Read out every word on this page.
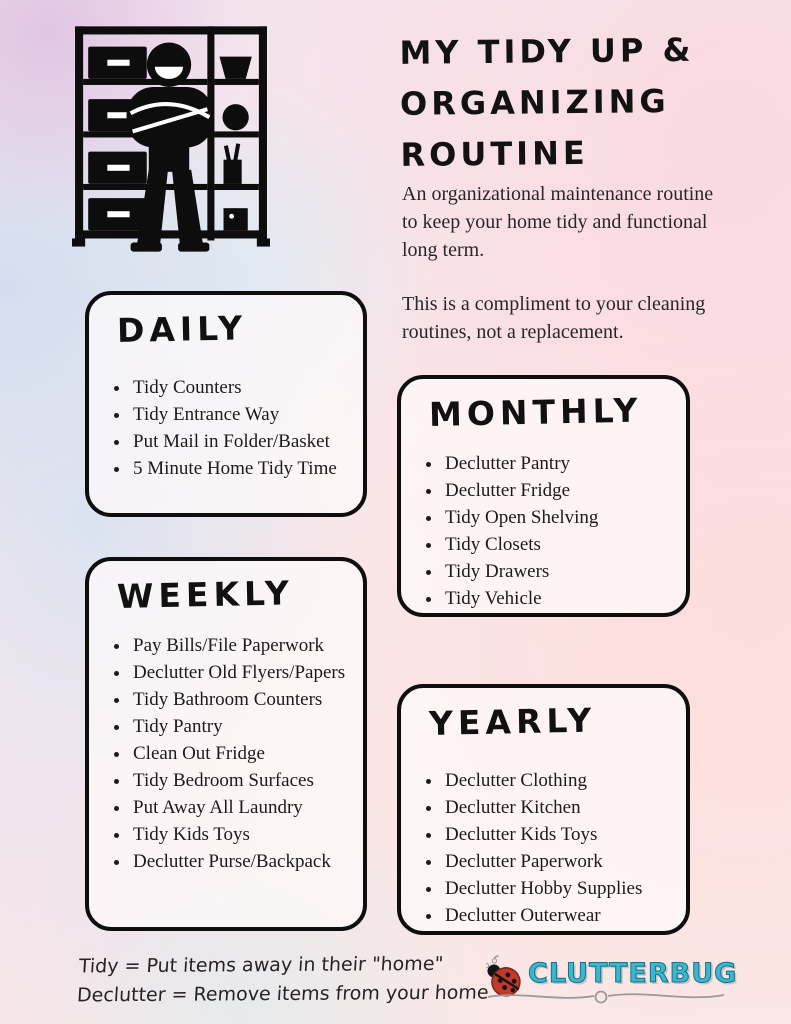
MY TIDY UP &
ORGANIZING
ROUTINE

An organizational maintenance routine to keep your home tidy and functional long term.

This is a compliment to your cleaning routines, not a replacement.

DAILY
• Tidy Counters
• Tidy Entrance Way
• Put Mail in Folder/Basket
• 5 Minute Home Tidy Time
WEEKLY
• Pay Bills/File Paperwork
• Declutter Old Flyers/Papers
• Tidy Bathroom Counters
• Tidy Pantry
• Clean Out Fridge
• Tidy Bedroom Surfaces
• Put Away All Laundry
• Tidy Kids Toys
• Declutter Purse/Backpack
MONTHLY
• Declutter Pantry
• Declutter Fridge
• Tidy Open Shelving
• Tidy Closets
• Tidy Drawers
• Tidy Vehicle
YEARLY
• Declutter Clothing
• Declutter Kitchen
• Declutter Kids Toys
• Declutter Paperwork
• Declutter Hobby Supplies
• Declutter Outerwear
Tidy = Put items away in their "home"
Declutter = Remove items from your home
CLUTTERBUG
